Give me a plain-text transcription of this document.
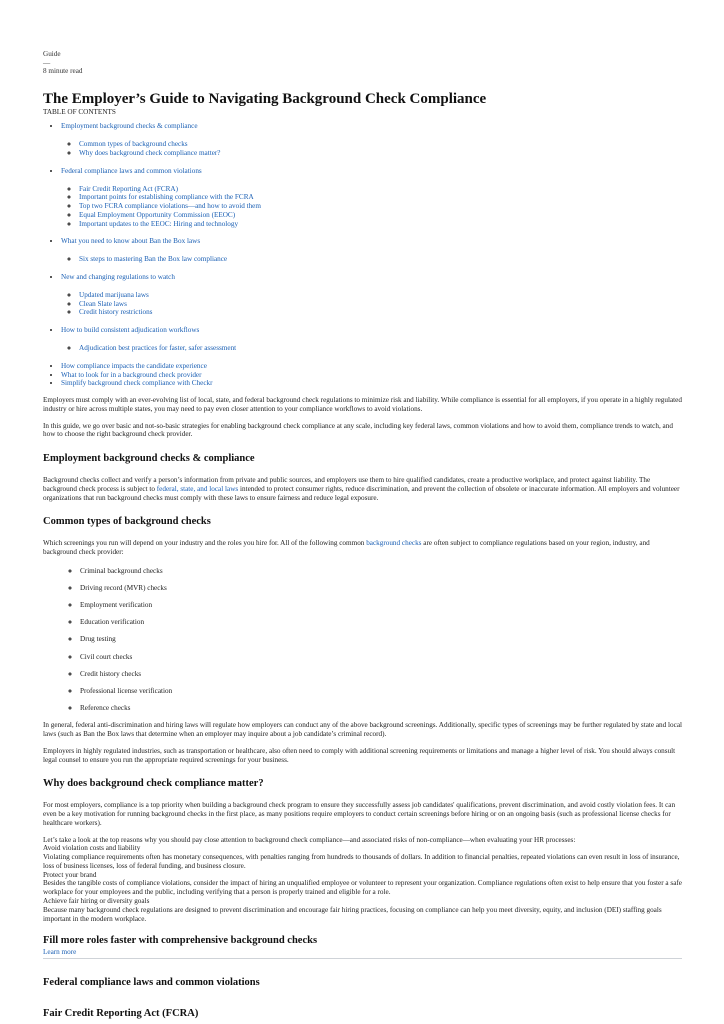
Guide
—
8 minute read
The Employer’s Guide to Navigating Background Check Compliance
TABLE OF CONTENTS
• Employment background checks & compliance
◦ Common types of background checks
◦ Why does background check compliance matter?
• Federal compliance laws and common violations
◦ Fair Credit Reporting Act (FCRA)
◦ Important points for establishing compliance with the FCRA
◦ Top two FCRA compliance violations—and how to avoid them
◦ Equal Employment Opportunity Commission (EEOC)
◦ Important updates to the EEOC: Hiring and technology
• What you need to know about Ban the Box laws
◦ Six steps to mastering Ban the Box law compliance
• New and changing regulations to watch
◦ Updated marijuana laws
◦ Clean Slate laws
◦ Credit history restrictions
• How to build consistent adjudication workflows
◦ Adjudication best practices for faster, safer assessment
• How compliance impacts the candidate experience
• What to look for in a background check provider
• Simplify background check compliance with Checkr

Employers must comply with an ever-evolving list of local, state, and federal background check regulations to minimize risk and liability. While compliance is essential for all employers, if you operate in a highly regulated industry or hire across multiple states, you may need to pay even closer attention to your compliance workflows to avoid violations.

In this guide, we go over basic and not-so-basic strategies for enabling background check compliance at any scale, including key federal laws, common violations and how to avoid them, compliance trends to watch, and how to choose the right background check provider.

Employment background checks & compliance

Background checks collect and verify a person’s information from private and public sources, and employers use them to hire qualified candidates, create a productive workplace, and protect against liability. The background check process is subject to federal, state, and local laws intended to protect consumer rights, reduce discrimination, and prevent the collection of obsolete or inaccurate information. All employers and volunteer organizations that run background checks must comply with these laws to ensure fairness and reduce legal exposure.

Common types of background checks

Which screenings you run will depend on your industry and the roles you hire for. All of the following common background checks are often subject to compliance regulations based on your region, industry, and background check provider:

◦ Criminal background checks
◦ Driving record (MVR) checks
◦ Employment verification
◦ Education verification
◦ Drug testing
◦ Civil court checks
◦ Credit history checks
◦ Professional license verification
◦ Reference checks

In general, federal anti-discrimination and hiring laws will regulate how employers can conduct any of the above background screenings. Additionally, specific types of screenings may be further regulated by state and local laws (such as Ban the Box laws that determine when an employer may inquire about a job candidate’s criminal record).

Employers in highly regulated industries, such as transportation or healthcare, also often need to comply with additional screening requirements or limitations and manage a higher level of risk. You should always consult legal counsel to ensure you run the appropriate required screenings for your business.

Why does background check compliance matter?

For most employers, compliance is a top priority when building a background check program to ensure they successfully assess job candidates' qualifications, prevent discrimination, and avoid costly violation fees. It can even be a key motivation for running background checks in the first place, as many positions require employers to conduct certain screenings before hiring or on an ongoing basis (such as professional license checks for healthcare workers).

Let’s take a look at the top reasons why you should pay close attention to background check compliance—and associated risks of non-compliance—when evaluating your HR processes:

Avoid violation costs and liability

Violating compliance requirements often has monetary consequences, with penalties ranging from hundreds to thousands of dollars. In addition to financial penalties, repeated violations can even result in loss of insurance, loss of business licenses, loss of federal funding, and business closure.

Protect your brand

Besides the tangible costs of compliance violations, consider the impact of hiring an unqualified employee or volunteer to represent your organization. Compliance regulations often exist to help ensure that you foster a safe workplace for your employees and the public, including verifying that a person is properly trained and eligible for a role.

Achieve fair hiring or diversity goals

Because many background check regulations are designed to prevent discrimination and encourage fair hiring practices, focusing on compliance can help you meet diversity, equity, and inclusion (DEI) staffing goals important in the modern workplace.

Fill more roles faster with comprehensive background checks
Learn more
Federal compliance laws and common violations
Fair Credit Reporting Act (FCRA)
